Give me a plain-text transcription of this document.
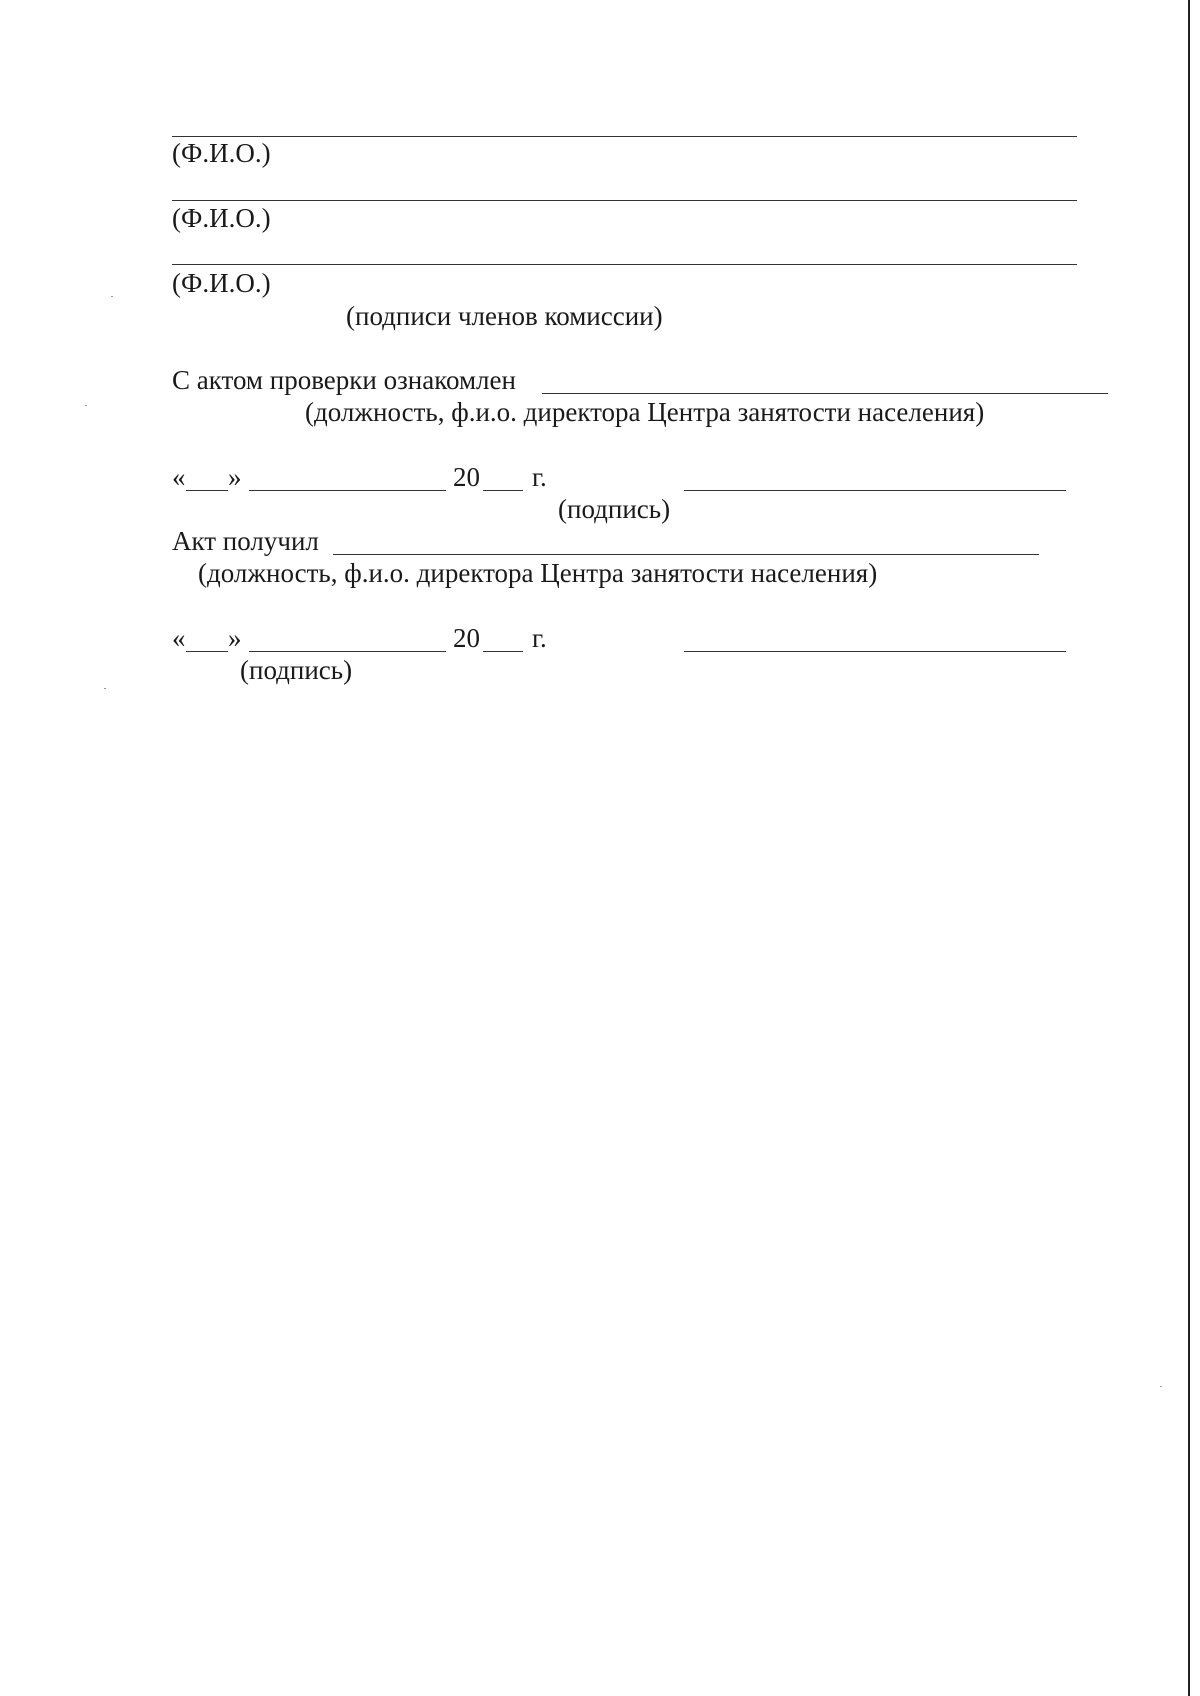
(Ф.И.О.)
(Ф.И.О.)
(Ф.И.О.)
(подписи членов комиссии)
С актом проверки ознакомлен
(должность, ф.и.о. директора Центра занятости населения)
« »	20 г.
(подпись)
Акт получил
(должность, ф.и.о. директора Центра занятости населения)
« »	20 г.
(подпись)
